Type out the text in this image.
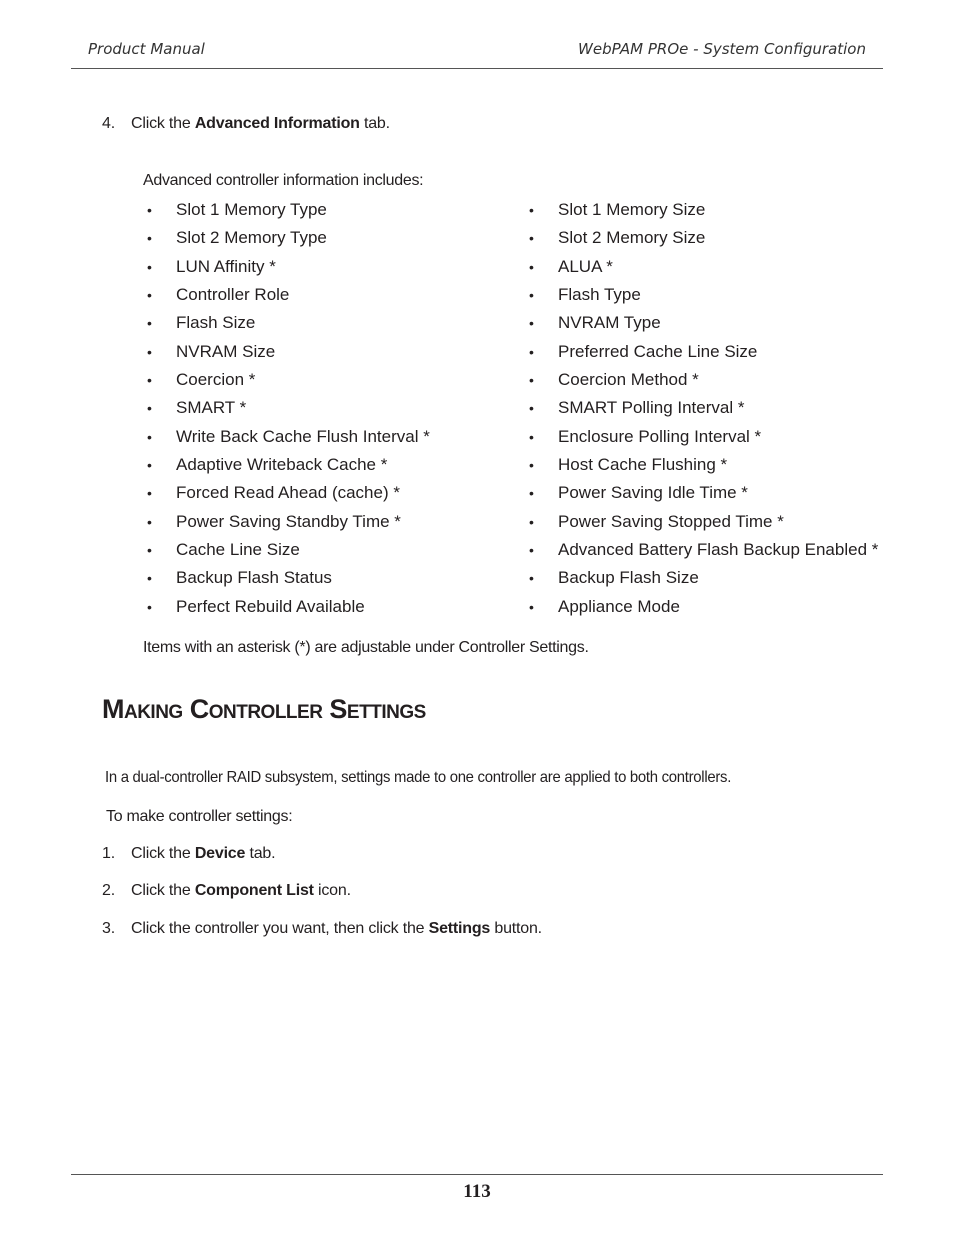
Product Manual	WebPAM PROe - System Configuration
4.	Click the Advanced Information tab.
Advanced controller information includes:
• Slot 1 Memory Type
• Slot 2 Memory Type
• LUN Affinity *
• Controller Role
• Flash Size
• NVRAM Size
• Coercion *
• SMART *
• Write Back Cache Flush Interval *
• Adaptive Writeback Cache *
• Forced Read Ahead (cache) *
• Power Saving Standby Time *
• Cache Line Size
• Backup Flash Status
• Perfect Rebuild Available
• Slot 1 Memory Size
• Slot 2 Memory Size
• ALUA *
• Flash Type
• NVRAM Type
• Preferred Cache Line Size
• Coercion Method *
• SMART Polling Interval *
• Enclosure Polling Interval *
• Host Cache Flushing *
• Power Saving Idle Time *
• Power Saving Stopped Time *
• Advanced Battery Flash Backup Enabled *
• Backup Flash Size
• Appliance Mode
Items with an asterisk (*) are adjustable under Controller Settings.
Making Controller Settings
In a dual-controller RAID subsystem, settings made to one controller are applied to both controllers.
To make controller settings:
1.	Click the Device tab.
2.	Click the Component List icon.
3.	Click the controller you want, then click the Settings button.
113
